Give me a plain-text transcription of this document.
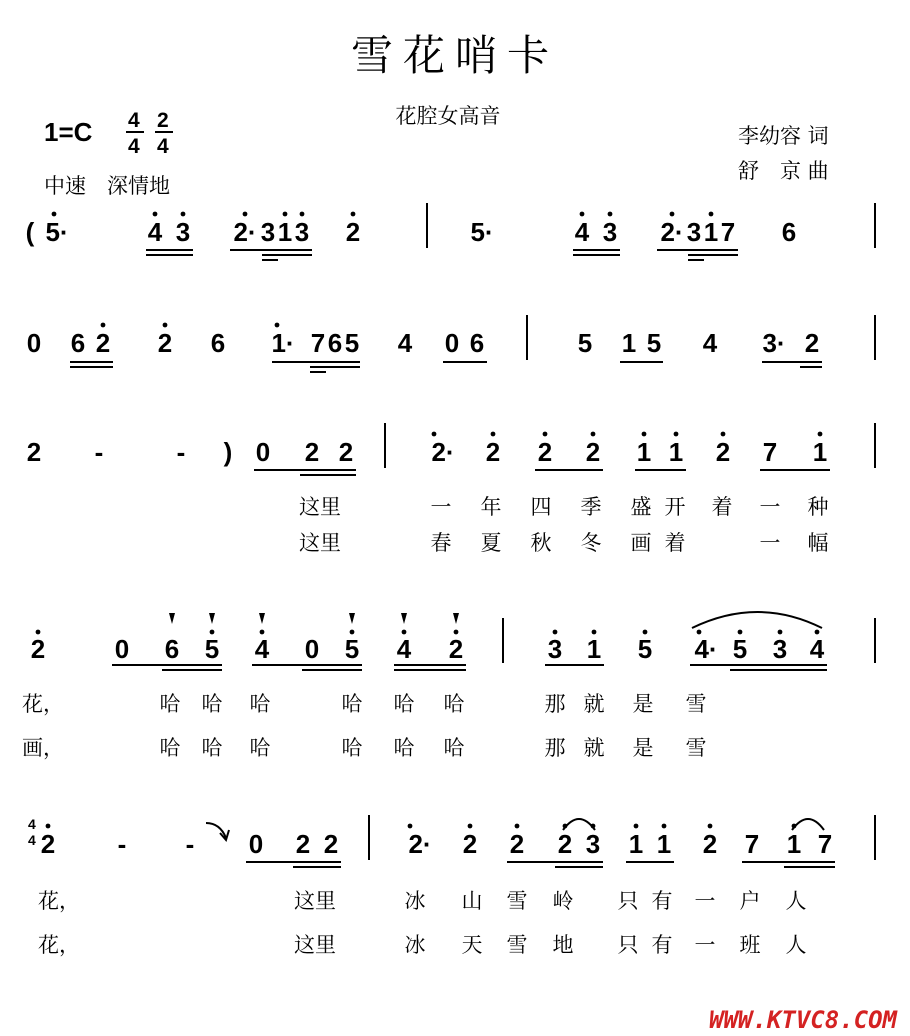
雪花哨卡
花腔女高音
1=C 4
4
2
4
中速　深情地
李幼容 词
舒　京 曲
( 5·	4 3 2· 3 1 3 2	5·	4 3 2· 3 1 7 6
0 6 2 2 6 1· 7 6 5 4 0 6	5 1 5 4 3· 2
2 -	- ) 0 2 2	2· 2 2 2 1 1 2 7 1
这里	一 年 四 季 盛 开 着 一 种
这里	春 夏 秋 冬 画 着	一 幅
2	0 6 5 4 0 5 4 2	3 1 5 4· 5 3 4
花，	哈 哈 哈	哈 哈 哈	那 就 是 雪
画，	哈 哈 哈	哈 哈 哈	那 就 是 雪
4
4 2 - - 0 2 2	2· 2 2 2 3 1 1 2 7 1 7
花，	这里	冰 山 雪 岭 只 有 一 户 人
花，	这里	冰 天 雪 地 只 有 一 班 人
WWW.KTVC8.COM
